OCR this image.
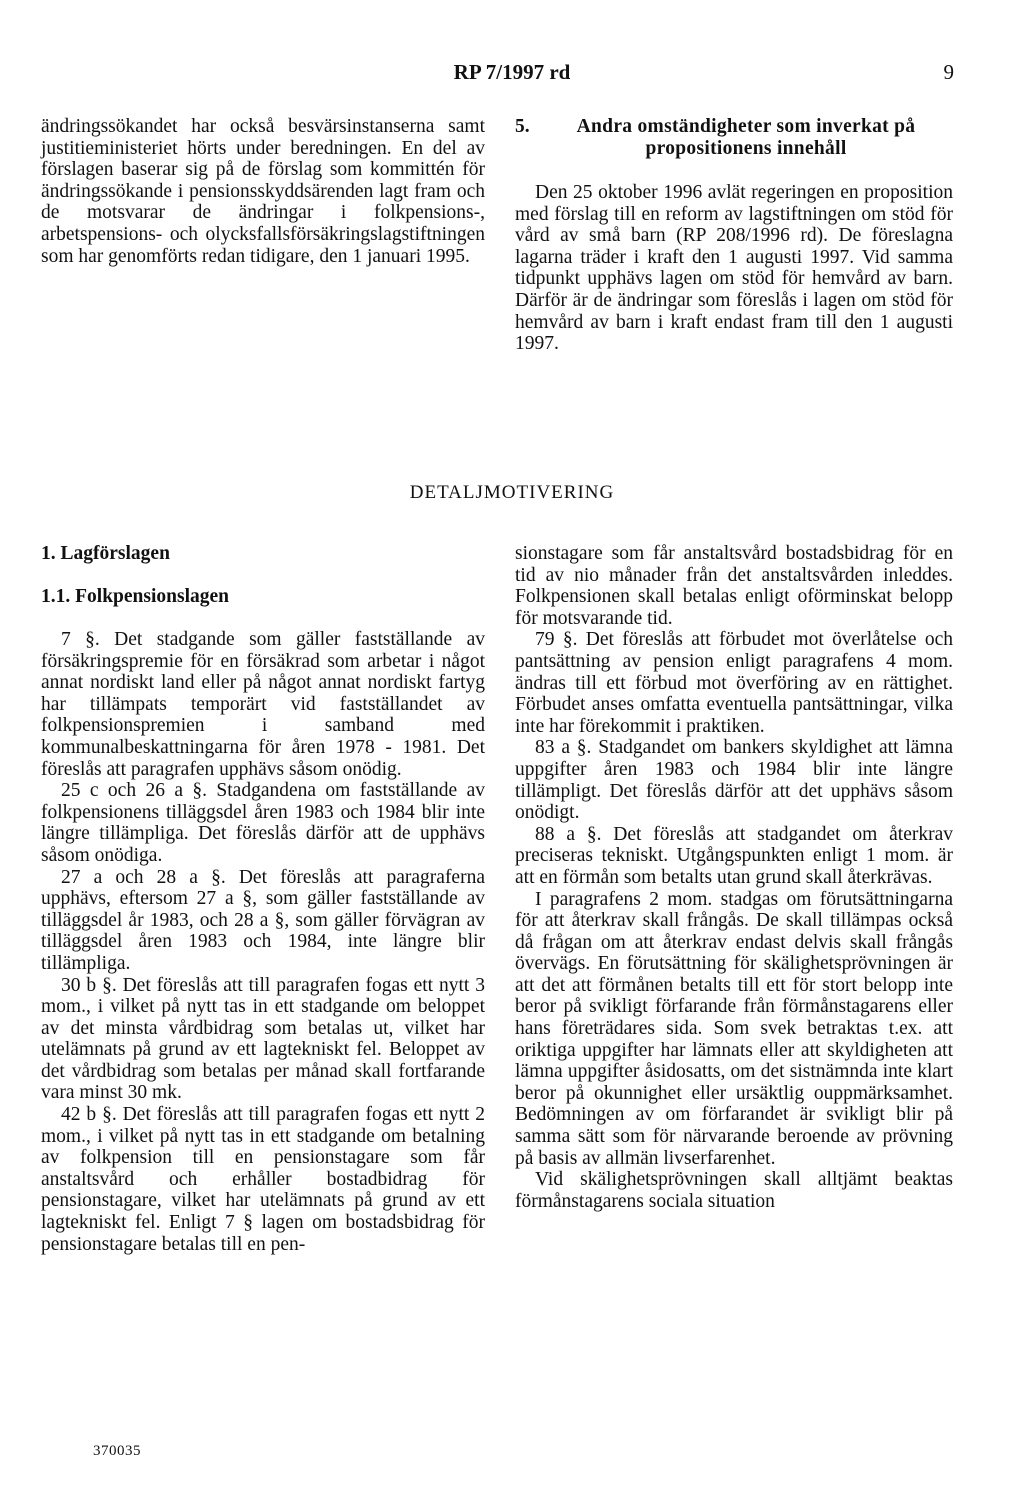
RP 7/1997 rd	9

ändringssökandet har också besvärsinstanserna samt justitieministeriet hörts under beredningen. En del av förslagen baserar sig på de förslag som kommittén för ändringssökande i pensionsskyddsärenden lagt fram och de motsvarar de ändringar i folkpensions-, arbetspensions- och olycksfallsförsäkringslagstiftningen som har genomförts redan tidigare, den 1 januari 1995.

5.	Andra omständigheter som inverkat på propositionens innehåll

Den 25 oktober 1996 avlät regeringen en proposition med förslag till en reform av lagstiftningen om stöd för vård av små barn (RP 208/1996 rd). De föreslagna lagarna träder i kraft den 1 augusti 1997. Vid samma tidpunkt upphävs lagen om stöd för hemvård av barn. Därför är de ändringar som föreslås i lagen om stöd för hemvård av barn i kraft endast fram till den 1 augusti 1997.

DETALJMOTIVERING

1. Lagförslagen

1.1. Folkpensionslagen

7 §. Det stadgande som gäller fastställande av försäkringspremie för en försäkrad som arbetar i något annat nordiskt land eller på något annat nordiskt fartyg har tillämpats temporärt vid fastställandet av folkpensionspremien i samband med kommunalbeskattningarna för åren 1978 - 1981. Det föreslås att paragrafen upphävs såsom onödig.

25 c och 26 a §. Stadgandena om fastställande av folkpensionens tilläggsdel åren 1983 och 1984 blir inte längre tillämpliga. Det föreslås därför att de upphävs såsom onödiga.

27 a och 28 a §. Det föreslås att paragraferna upphävs, eftersom 27 a §, som gäller fastställande av tilläggsdel år 1983, och 28 a §, som gäller förvägran av tilläggsdel åren 1983 och 1984, inte längre blir tillämpliga.

30 b §. Det föreslås att till paragrafen fogas ett nytt 3 mom., i vilket på nytt tas in ett stadgande om beloppet av det minsta vårdbidrag som betalas ut, vilket har utelämnats på grund av ett lagtekniskt fel. Beloppet av det vårdbidrag som betalas per månad skall fortfarande vara minst 30 mk.

42 b §. Det föreslås att till paragrafen fogas ett nytt 2 mom., i vilket på nytt tas in ett stadgande om betalning av folkpension till en pensionstagare som får anstaltsvård och erhåller bostadbidrag för pensionstagare, vilket har utelämnats på grund av ett lagtekniskt fel. Enligt 7 § lagen om bostadsbidrag för pensionstagare betalas till en pen-

sionstagare som får anstaltsvård bostadsbidrag för en tid av nio månader från det anstaltsvården inleddes. Folkpensionen skall betalas enligt oförminskat belopp för motsvarande tid.

79 §. Det föreslås att förbudet mot överlåtelse och pantsättning av pension enligt paragrafens 4 mom. ändras till ett förbud mot överföring av en rättighet. Förbudet anses omfatta eventuella pantsättningar, vilka inte har förekommit i praktiken.

83 a §. Stadgandet om bankers skyldighet att lämna uppgifter åren 1983 och 1984 blir inte längre tillämpligt. Det föreslås därför att det upphävs såsom onödigt.

88 a §. Det föreslås att stadgandet om återkrav preciseras tekniskt. Utgångspunkten enligt 1 mom. är att en förmån som betalts utan grund skall återkrävas.

I paragrafens 2 mom. stadgas om förutsättningarna för att återkrav skall frångås. De skall tillämpas också då frågan om att återkrav endast delvis skall frångås övervägs. En förutsättning för skälighetsprövningen är att det att förmånen betalts till ett för stort belopp inte beror på svikligt förfarande från förmånstagarens eller hans företrädares sida. Som svek betraktas t.ex. att oriktiga uppgifter har lämnats eller att skyldigheten att lämna uppgifter åsidosatts, om det sistnämnda inte klart beror på okunnighet eller ursäktlig ouppmärksamhet. Bedömningen av om förfarandet är svikligt blir på samma sätt som för närvarande beroende av prövning på basis av allmän livserfarenhet.

Vid skälighetsprövningen skall alltjämt beaktas förmånstagarens sociala situation

370035
